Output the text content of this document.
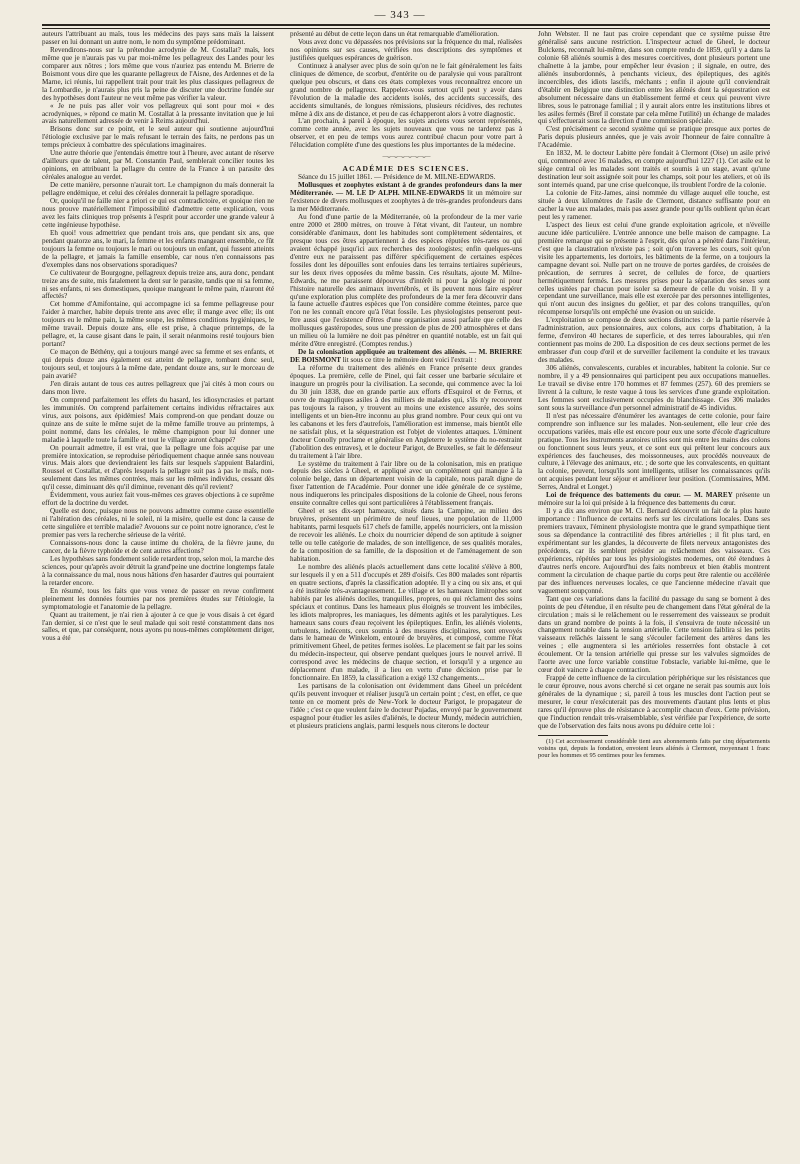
— 343 —

auteurs l'attribuant au maïs, tous les médecins des pays sans maïs la laissent passer en lui donnant un autre nom, le nom du symptôme prédominant.

Revendirons-nous sur la prétendue acrodynie de M. Costallat? maïs, lors même que je n'aurais pas vu par moi-même les pellagreux des Landes pour les comparer aux nôtres ; lors même que vous n'auriez pas entendu M. Brierre de Boismont vous dire que les quarante pellagreux de l'Aisne, des Ardennes et de la Marne, ici réunis, lui rappellent trait pour trait les plus classiques pellagreux de la Lombardie, je n'aurais plus pris la peine de discuter une doctrine fondée sur des hypothèses dont l'auteur ne veut même pas vérifier la valeur.

« Je ne puis pas aller voir vos pellagreux qui sont pour moi « des acrodyniques, » répond ce matin M. Costallat à la pressante invitation que je lui avais naturellement adressée de venir à Reims aujourd'hui.

Brisons donc sur ce point, et le seul auteur qui soutienne aujourd'hui l'étiologie exclusive par le maïs refusant le terrain des faits, ne perdons pas un temps précieux à combattre des spéculations imaginaires.

Une autre théorie que j'entendais émettre tout à l'heure, avec autant de réserve d'ailleurs que de talent, par M. Constantin Paul, semblerait concilier toutes les opinions, en attribuant la pellagre du centre de la France à un parasite des céréales analogue au verdet.

De cette manière, personne n'aurait tort. Le champignon du maïs donnerait la pellagre endémique, et celui des céréales donnerait la pellagre sporadique.

Or, quoiqu'il ne faille nier a priori ce qui est contradictoire, et quoique rien ne nous prouve matériellement l'impossibilité d'admettre cette explication, vous avez les faits cliniques trop présents à l'esprit pour accorder une grande valeur à cette ingénieuse hypothèse.

Eh quoi! vous admettriez que pendant trois ans, que pendant six ans, que pendant quatorze ans, le mari, la femme et les enfants mangeant ensemble, ce fût toujours la femme ou toujours le mari ou toujours un enfant, qui fussent atteints de la pellagre, et jamais la famille ensemble, car nous n'en connaissons pas d'exemples dans nos observations sporadiques?

Ce cultivateur de Bourgogne, pellagreux depuis treize ans, aura donc, pendant treize ans de suite, mis fatalement la dent sur le parasite, tandis que ni sa femme, ni ses enfants, ni ses domestiques, quoique mangeant le même pain, n'auront été affectés?

Cet homme d'Amifontaine, qui accompagne ici sa femme pellagreuse pour l'aider à marcher, habite depuis trente ans avec elle; il mange avec elle; ils ont toujours eu le même pain, la même soupe, les mêmes conditions hygiéniques, le même travail. Depuis douze ans, elle est prise, à chaque printemps, de la pellagre, et, la cause gisant dans le pain, il serait néanmoins resté toujours bien portant?

Ce maçon de Béthény, qui a toujours mangé avec sa femme et ses enfants, et qui depuis douze ans également est atteint de pellagre, tombant donc seul, toujours seul, et toujours à la même date, pendant douze ans, sur le morceau de pain avarié?

J'en dirais autant de tous ces autres pellagreux que j'ai cités à mon cours ou dans mon livre.

On comprend parfaitement les effets du hasard, les idiosyncrasies et partant les immunités. On comprend parfaitement certains individus réfractaires aux virus, aux poisons, aux épidémies! Mais comprend-on que pendant douze ou quinze ans de suite le même sujet de la même famille trouve au printemps, à point nommé, dans les céréales, le même champignon pour lui donner une maladie à laquelle toute la famille et tout le village auront échappé?

On pourrait admettre, il est vrai, que la pellagre une fois acquise par une première intoxication, se reproduise périodiquement chaque année sans nouveau virus. Mais alors que deviendraient les faits sur lesquels s'appuient Balardini, Roussel et Costallat, et d'après lesquels la pellagre suit pas à pas le maïs, non-seulement dans les mêmes contrées, mais sur les mêmes individus, cessant dès qu'il cesse, diminuant dès qu'il diminue, revenant dès qu'il revient?

Évidemment, vous auriez fait vous-mêmes ces graves objections à ce suprême effort de la doctrine du verdet.

Quelle est donc, puisque nous ne pouvons admettre comme cause essentielle ni l'altération des céréales, ni le soleil, ni la misère, quelle est donc la cause de cette singulière et terrible maladie? Avouons sur ce point notre ignorance, c'est le premier pas vers la recherche sérieuse de la vérité.

Connaissons-nous donc la cause intime du choléra, de la fièvre jaune, du cancer, de la fièvre typhoïde et de cent autres affections?

Les hypothèses sans fondement solide retardent trop, selon moi, la marche des sciences, pour qu'après avoir détruit la grand'peine une doctrine longtemps fatale à la connaissance du mal, nous nous hâtions d'en hasarder d'autres qui pourraient la retarder encore.

En résumé, tous les faits que vous venez de passer en revue confirment pleinement les données fournies par nos premières études sur l'étiologie, la symptomatologie et l'anatomie de la pellagre.

Quant au traitement, je n'ai rien à ajouter à ce que je vous disais à cet égard l'an dernier, si ce n'est que le seul malade qui soit resté constamment dans nos salles, et que, par conséquent, nous ayons pu nous-mêmes complètement diriger, vous a été

présenté au début de cette leçon dans un état remarquable d'amélioration.

Vous avez donc vu dépassées nos prévisions sur la fréquence du mal, réalisées nos opinions sur ses causes, vérifiées nos descriptions des symptômes et justifiées quelques espérances de guérison.

Continuez à analyser avec plus de soin qu'on ne le fait généralement les faits cliniques de démence, de scorbut, d'entérite ou de paralysie qui vous paraîtront quelque peu obscurs, et dans ces états complexes vous reconnaîtrez encore un grand nombre de pellagreux. Rappelez-vous surtout qu'il peut y avoir dans l'évolution de la maladie des accidents isolés, des accidents successifs, des accidents simultanés, de longues rémissions, plusieurs récidives, des rechutes même à dix ans de distance, et peu de cas échapperont alors à votre diagnostic.

L'an prochain, à pareil à époque, les sujets anciens vous seront représentés, comme cette année, avec les sujets nouveaux que vous ne tarderez pas à observer, et en peu de temps vous aurez contribué chacun pour votre part à l'élucidation complète d'une des questions les plus importantes de la médecine.

—ᴗ—ᴗ—ᴗ—ᴗ—ᴗ—ᴗ—
ACADÉMIE DES SCIENCES.

Séance du 15 juillet 1861. — Présidence de M. MILNE-EDWARDS.

Mollusques et zoophytes existant à de grandes profondeurs dans la mer Méditerranée. — M. LE Dʳ ALPH. MILNE-EDWARDS lit un mémoire sur l'existence de divers mollusques et zoophytes à de très-grandes profondeurs dans la mer Méditerranée.

Au fond d'une partie de la Méditerranée, où la profondeur de la mer varie entre 2000 et 2800 mètres, on trouve à l'état vivant, dit l'auteur, un nombre considérable d'animaux, dont les habitudes sont complètement sédentaires, et presque tous ces êtres appartiennent à des espèces réputées très-rares ou qui avaient échappé jusqu'ici aux recherches des zoologistes; enfin quelques-uns d'entre eux ne paraissent pas différer spécifiquement de certaines espèces fossiles dont les dépouilles sont enfouies dans les terrains tertiaires supérieurs, sur les deux rives opposées du même bassin. Ces résultats, ajoute M. Milne-Edwards, ne me paraissent dépourvus d'intérêt ni pour la géologie ni pour l'histoire naturelle des animaux invertébrés, et ils peuvent nous faire espérer qu'une exploration plus complète des profondeurs de la mer fera découvrir dans la faune actuelle d'autres espèces que l'on considère comme éteintes, parce que l'on ne les connaît encore qu'à l'état fossile. Les physiologistes penseront peut-être aussi que l'existence d'êtres d'une organisation aussi parfaite que celle des mollusques gastéropodes, sous une pression de plus de 200 atmosphères et dans un milieu où la lumière ne doit pas pénétrer en quantité notable, est un fait qui mérite d'être enregistré. (Comptes rendus.)

De la colonisation appliquée au traitement des aliénés. — M. BRIERRE DE BOISMONT lit sous ce titre le mémoire dont voici l'extrait :

La réforme du traitement des aliénés en France présente deux grandes époques. La première, celle de Pinel, qui fait cesser une barbarie séculaire et inaugure un progrès pour la civilisation. La seconde, qui commence avec la loi du 30 juin 1838, due en grande partie aux efforts d'Esquirol et de Ferrus, et ouvre de magnifiques asiles à des milliers de malades qui, s'ils n'y recouvrent pas toujours la raison, y trouvent au moins une existence assurée, des soins intelligents et un bien-être inconnu au plus grand nombre. Pour ceux qui ont vu les cabanons et les fers d'autrefois, l'amélioration est immense, mais bientôt elle ne satisfait plus, et la séquestration est l'objet de violentes attaques. L'éminent docteur Conolly proclame et généralise en Angleterre le système du no-restraint (l'abolition des entraves), et le docteur Parigot, de Bruxelles, se fait le défenseur du traitement à l'air libre.

Le système du traitement à l'air libre ou de la colonisation, mis en pratique depuis des siècles à Gheel, et appliqué avec un complément qui manque à la colonie belge, dans un département voisin de la capitale, nous paraît digne de fixer l'attention de l'Académie. Pour donner une idée générale de ce système, nous indiquerons les principales dispositions de la colonie de Gheel, nous ferons ensuite connaître celles qui sont particulières à l'établissement français.

Gheel et ses dix-sept hameaux, situés dans la Campine, au milieu des bruyères, présentent un périmètre de neuf lieues, une population de 11,000 habitants, parmi lesquels 617 chefs de famille, appelés nourriciers, ont la mission de recevoir les aliénés. Le choix du nourricier dépend de son aptitude à soigner telle ou telle catégorie de malades, de son intelligence, de ses qualités morales, de la composition de sa famille, de la disposition et de l'aménagement de son habitation.

Le nombre des aliénés placés actuellement dans cette localité s'élève à 800, sur lesquels il y en a 511 d'occupés et 289 d'oisifs. Ces 800 malades sont répartis en quatre sections, d'après la classification adoptée. Il y a cinq ou six ans, et qui a été instituée très-avantageusement. Le village et les hameaux limitrophes sont habités par les aliénés dociles, tranquilles, propres, ou qui réclament des soins spéciaux et continus. Dans les hameaux plus éloignés se trouvent les imbéciles, les idiots malpropres, les maniaques, les déments agités et les paralytiques. Les hameaux sans cours d'eau reçoivent les épileptiques. Enfin, les aliénés violents, turbulents, indécents, ceux soumis à des mesures disciplinaires, sont envoyés dans le hameau de Winkelom, entouré de bruyères, et composé, comme l'état primitivement Gheel, de petites fermes isolées. Le placement se fait par les soins du médecin-inspecteur, qui observe pendant quelques jours le nouvel arrivé. Il correspond avec les médecins de chaque section, et lorsqu'il y a urgence au déplacement d'un malade, il a lieu en vertu d'une décision prise par le fonctionnaire. En 1859, la classification a exigé 132 changements....

Les partisans de la colonisation ont évidemment dans Gheel un précédent qu'ils peuvent invoquer et réaliser jusqu'à un certain point ; c'est, en effet, ce que tente en ce moment près de New-York le docteur Parigot, le propagateur de l'idée ; c'est ce que veulent faire le docteur Pujadas, envoyé par le gouvernement espagnol pour étudier les asiles d'aliénés, le docteur Mundy, médecin autrichien, et plusieurs praticiens anglais, parmi lesquels nous citerons le docteur

John Webster. Il ne faut pas croire cependant que ce système puisse être généralisé sans aucune restriction. L'inspecteur actuel de Gheel, le docteur Bulckens, reconnaît lui-même, dans son compte rendu de 1859, qu'il y a dans la colonie 68 aliénés soumis à des mesures coercitives, dont plusieurs portent une chaînette à la jambe, pour empêcher leur évasion ; il signale, en outre, des aliénés insubordonnés, à penchants vicieux, des épileptiques, des agités incoercibles, des idiots lascifs, méchants ; enfin il ajoute qu'il conviendrait d'établir en Belgique une distinction entre les aliénés dont la séquestration est absolument nécessaire dans un établissement fermé et ceux qui peuvent vivre libres, sous le patronage familial ; il y aurait alors entre les institutions libres et les asiles fermés (Bref il constate par cela même l'utilité) un échange de malades qui s'effectuerait sous la direction d'une commission spéciale.

C'est précisément ce second système qui se pratique presque aux portes de Paris depuis plusieurs années, que je vais avoir l'honneur de faire connaître à l'Académie.

En 1832, M. le docteur Labitte père fondait à Clermont (Oise) un asile privé qui, commencé avec 16 malades, en compte aujourd'hui 1227 (1). Cet asile est le siège central où les malades sont traités et soumis à un stage, avant qu'une destination leur soit assignée soit pour les champs, soit pour les ateliers, et où ils sont internés quand, par une crise quelconque, ils troublent l'ordre de la colonie.

La colonie de Fitz-James, ainsi nommée du village auquel elle touche, est située à deux kilomètres de l'asile de Clermont, distance suffisante pour en cacher la vue aux malades, mais pas assez grande pour qu'ils oublient qu'un écart peut les y ramener.

L'aspect des lieux est celui d'une grande exploitation agricole, et n'éveille aucune idée particulière. L'entrée annonce une belle maison de campagne. La première remarque qui se présente à l'esprit, dès qu'on a pénétré dans l'intérieur, c'est que la claustration n'existe pas ; soit qu'on traverse les cours, soit qu'on visite les appartements, les dortoirs, les bâtiments de la ferme, on a toujours la campagne devant soi. Nulle part on ne trouve de portes gardées, de croisées de précaution, de serrures à secret, de cellules de force, de quartiers hermétiquement fermés. Les mesures prises pour la séparation des sexes sont celles usitées par chacun pour isoler sa demeure de celle du voisin. Il y a cependant une surveillance, mais elle est exercée par des personnes intelligentes, qui n'ont aucun des insignes du geôlier, et par des colons tranquilles, qu'on récompense lorsqu'ils ont empêché une évasion ou un suicide.

L'exploitation se compose de deux sections distinctes : de la partie réservée à l'administration, aux pensionnaires, aux colons, aux corps d'habitation, à la ferme, d'environ 40 hectares de superficie, et des terres labourables, qui n'en contiennent pas moins de 200. La disposition de ces deux sections permet de les embrasser d'un coup d'œil et de surveiller facilement la conduite et les travaux des malades.

306 aliénés, convalescents, curables et incurables, habitent la colonie. Sur ce nombre, il y a 49 pensionnaires qui participent peu aux occupations manuelles. Le travail se divise entre 170 hommes et 87 femmes (257). 60 des premiers se livrent à la culture, le reste vaque à tous les services d'une grande exploitation. Les femmes sont exclusivement occupées du blanchissage. Ces 306 malades sont sous la surveillance d'un personnel administratif de 45 individus.

Il n'est pas nécessaire d'énumérer les avantages de cette colonie, pour faire comprendre son influence sur les malades. Non-seulement, elle leur crée des occupations variées, mais elle est encore pour eux une sorte d'école d'agriculture pratique. Tous les instruments aratoires utiles sont mis entre les mains des colons ou fonctionnent sous leurs yeux, et ce sont eux qui prêtent leur concours aux expériences des faucheuses, des moissonneuses, aux procédés nouveaux de culture, à l'élevage des animaux, etc. ; de sorte que les convalescents, en quittant la colonie, peuvent, lorsqu'ils sont intelligents, utiliser les connaissances qu'ils ont acquises pendant leur séjour et améliorer leur position. (Commissaires, MM. Serres, Andral et Longet.)

Loi de fréquence des battements du cœur. — M. MAREY présente un mémoire sur la loi qui préside à la fréquence des battements du cœur.

Il y a dix ans environ que M. Cl. Bernard découvrit un fait de la plus haute importance : l'influence de certains nerfs sur les circulations locales. Dans ses premiers travaux, l'éminent physiologiste montra que le grand sympathique tient sous sa dépendance la contractilité des fibres artérielles ; il fit plus tard, en expérimentant sur les glandes, la découverte de filets nerveux antagonistes des précédents, car ils semblent présider au relâchement des vaisseaux. Ces expériences, répétées par tous les physiologistes modernes, ont été étendues à d'autres nerfs encore. Aujourd'hui des faits nombreux et bien établis montrent comment la circulation de chaque partie du corps peut être ralentie ou accélérée par des influences nerveuses locales, ce que l'ancienne médecine n'avait que vaguement soupçonné.

Tant que ces variations dans la facilité du passage du sang se bornent à des points de peu d'étendue, il en résulte peu de changement dans l'état général de la circulation ; mais si le relâchement ou le resserrement des vaisseaux se produit dans un grand nombre de points à la fois, il s'ensuivra de toute nécessité un changement notable dans la tension artérielle. Cette tension faiblira si les petits vaisseaux relâchés laissent le sang s'écouler facilement des artères dans les veines ; elle augmentera si les artérioles resserrées font obstacle à cet écoulement. Or la tension artérielle qui presse sur les valvules sigmoïdes de l'aorte avec une force variable constitue l'obstacle, variable lui-même, que le cœur doit vaincre à chaque contraction.

Frappé de cette influence de la circulation périphérique sur les résistances que le cœur éprouve, nous avons cherché si cet organe ne serait pas soumis aux lois générales de la dynamique ; si, pareil à tous les muscles dont l'action peut se mesurer, le cœur n'exécuterait pas des mouvements d'autant plus lents et plus rares qu'il éprouve plus de résistance à accomplir chacun d'eux. Cette prévision, que l'induction rendait très-vraisemblable, s'est vérifiée par l'expérience, de sorte que de l'observation des faits nous avons pu déduire cette loi :

(1) Cet accroissement considérable tient aux abonnements faits par cinq départements voisins qui, depuis la fondation, envoient leurs aliénés à Clermont, moyennant 1 franc pour les hommes et 95 centimes pour les femmes.
